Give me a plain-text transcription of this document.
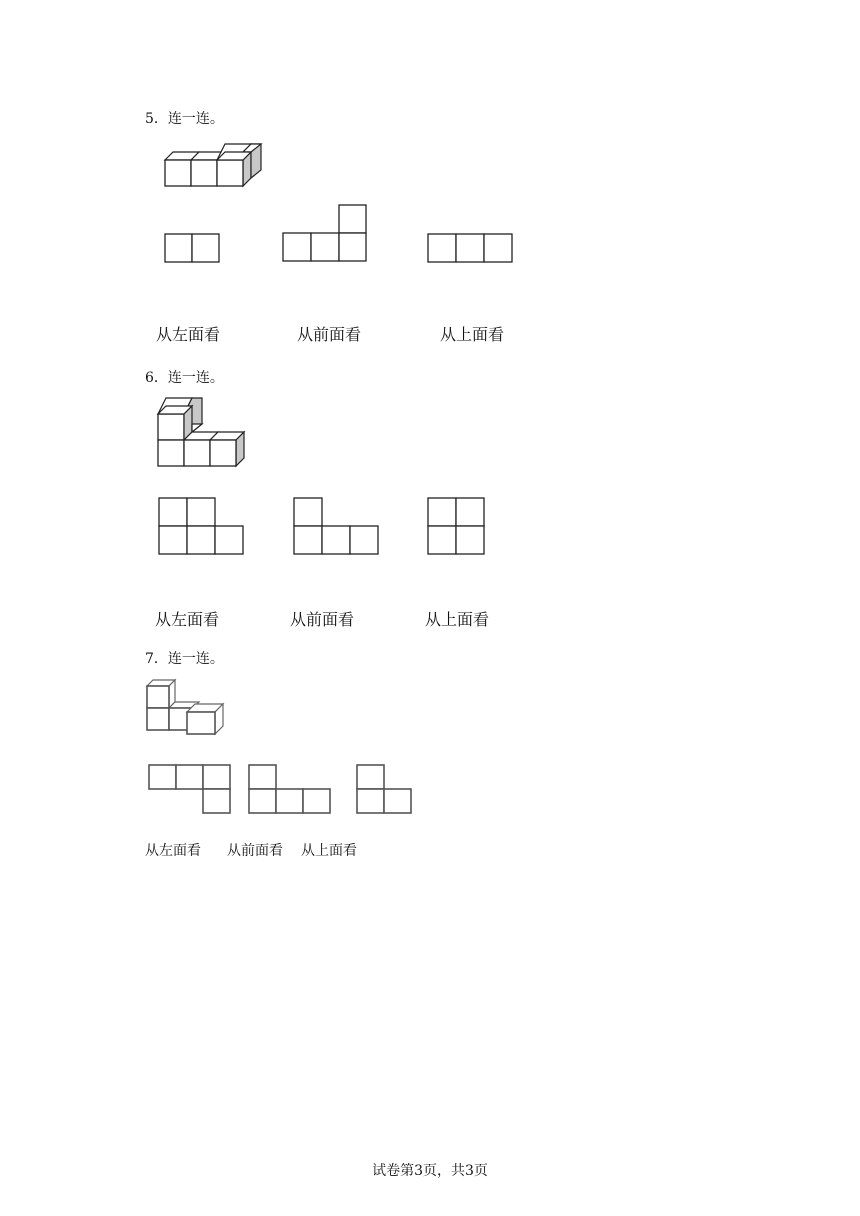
5．连一连。
从左面看	从前面看	从上面看
6．连一连。
从左面看	从前面看	从上面看
7．连一连。
从左面看 从前面看 从上面看
试卷第3页，共3页
